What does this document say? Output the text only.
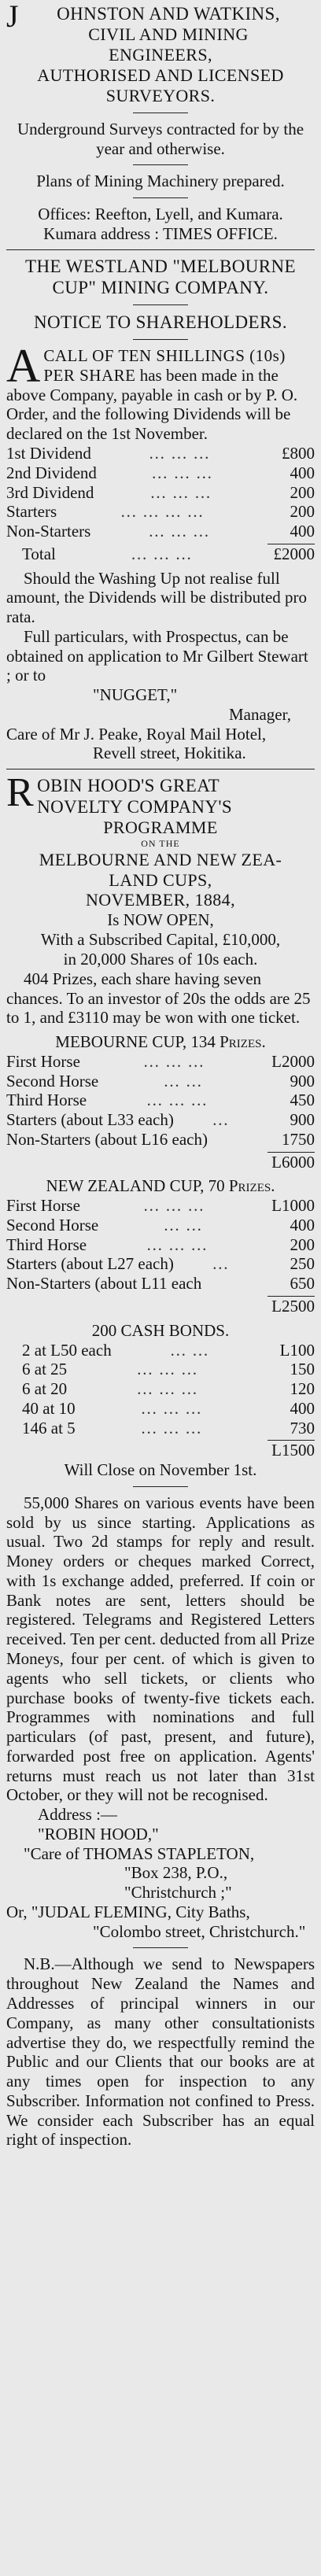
J OHNSTON AND WATKINS,

CIVIL AND MINING

ENGINEERS,

AUTHORISED AND LICENSED

SURVEYORS.

Underground Surveys contracted for by the year and otherwise.

Plans of Mining Machinery prepared.

Offices: Reefton, Lyell, and Kumara.

Kumara address : TIMES OFFICE.

THE WESTLAND "MELBOURNE

CUP" MINING COMPANY.

NOTICE TO SHAREHOLDERS.

ACALL OF TEN SHILLINGS (10s) PER SHARE has been made in the above Company, payable in cash or by P. O. Order, and the following Dividends will be declared on the 1st November.

1st Dividend	… … …	£800
2nd Dividend	… … …	400
3rd Dividend	… … …	200
Starters	… … … …	200
Non-Starters	… … …	400
Total	… … …	£2000

Should the Washing Up not realise full amount, the Dividends will be distributed pro rata.

Full particulars, with Prospectus, can be obtained on application to Mr Gilbert Stewart ; or to

"NUGGET,"

Manager,

Care of Mr J. Peake, Royal Mail Hotel,

Revell street, Hokitika.

ROBIN HOOD'S GREAT

NOVELTY COMPANY'S

PROGRAMME

ON THE

MELBOURNE AND NEW ZEA-

LAND CUPS,

NOVEMBER, 1884,

Is NOW OPEN,

With a Subscribed Capital, £10,000,

in 20,000 Shares of 10s each.

404 Prizes, each share having seven chances. To an investor of 20s the odds are 25 to 1, and £3110 may be won with one ticket.

MEBOURNE CUP, 134 Prizes.

First Horse	… … …	L2000
Second Horse	… …	900
Third Horse	… … …	450
Starters (about L33 each)	…	900
Non-Starters (about L16 each)	1750

L6000

NEW ZEALAND CUP, 70 Prizes.

First Horse	… … …	L1000
Second Horse	… …	400
Third Horse	… … …	200
Starters (about L27 each)	…	250
Non-Starters (about L11 each	650

L2500

200 CASH BONDS.

2 at L50 each	… …	L100
6 at 25	… … …	150
6 at 20	… … …	120
40 at 10	… … …	400
146 at 5	… … …	730

L1500

Will Close on November 1st.

55,000 Shares on various events have been sold by us since starting. Applications as usual. Two 2d stamps for reply and result. Money orders or cheques marked Correct, with 1s exchange added, preferred. If coin or Bank notes are sent, letters should be registered. Telegrams and Registered Letters received. Ten per cent. deducted from all Prize Moneys, four per cent. of which is given to agents who sell tickets, or clients who purchase books of twenty-five tickets each. Programmes with nominations and full particulars (of past, present, and future), forwarded post free on application. Agents' returns must reach us not later than 31st October, or they will not be recognised.

Address :—

"ROBIN HOOD,"

"Care of THOMAS STAPLETON,

"Box 238, P.O.,

"Christchurch ;"

Or, "JUDAL FLEMING, City Baths,

"Colombo street, Christchurch."

N.B.—Although we send to Newspapers throughout New Zealand the Names and Addresses of principal winners in our Company, as many other consultationists advertise they do, we respectfully remind the Public and our Clients that our books are at any times open for inspection to any Subscriber. Information not confined to Press. We consider each Subscriber has an equal right of inspection.
